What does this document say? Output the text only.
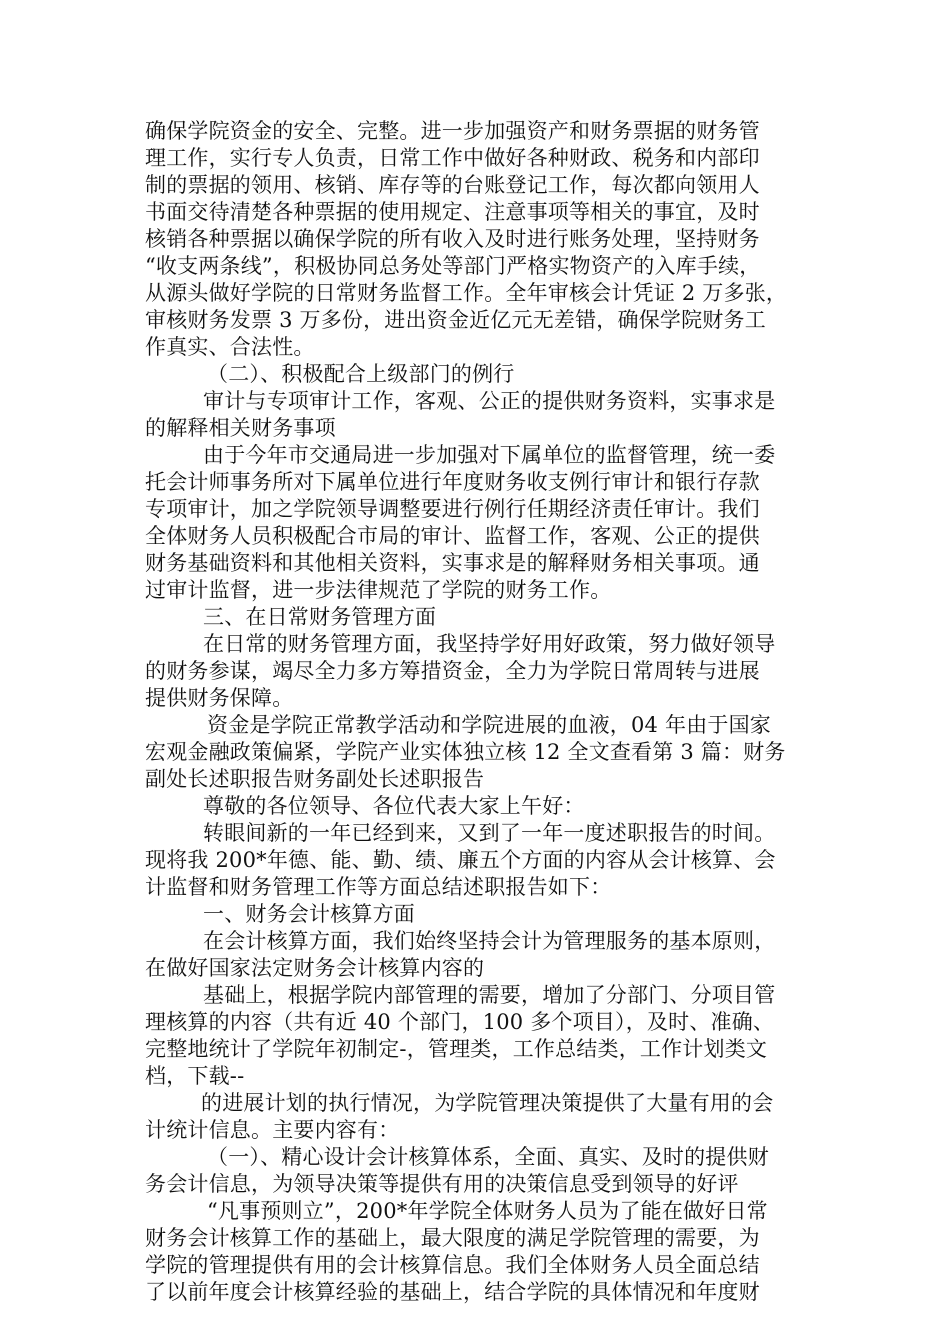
确保学院资金的安全、完整。进一步加强资产和财务票据的财务管
理工作，实行专人负责，日常工作中做好各种财政、税务和内部印
制的票据的领用、核销、库存等的台账登记工作，每次都向领用人
书面交待清楚各种票据的使用规定、注意事项等相关的事宜，及时
核销各种票据以确保学院的所有收入及时进行账务处理，坚持财务
“收支两条线”，积极协同总务处等部门严格实物资产的入库手续，
从源头做好学院的日常财务监督工作。全年审核会计凭证 2 万多张，
审核财务发票 3 万多份，进出资金近亿元无差错，确保学院财务工
作真实、合法性。
（二）、积极配合上级部门的例行
审计与专项审计工作，客观、公正的提供财务资料，实事求是
的解释相关财务事项
由于今年市交通局进一步加强对下属单位的监督管理，统一委
托会计师事务所对下属单位进行年度财务收支例行审计和银行存款
专项审计，加之学院领导调整要进行例行任期经济责任审计。我们
全体财务人员积极配合市局的审计、监督工作，客观、公正的提供
财务基础资料和其他相关资料，实事求是的解释财务相关事项。通
过审计监督，进一步法律规范了学院的财务工作。
三、在日常财务管理方面
在日常的财务管理方面，我坚持学好用好政策，努力做好领导
的财务参谋，竭尽全力多方筹措资金，全力为学院日常周转与进展
提供财务保障。
资金是学院正常教学活动和学院进展的血液，04 年由于国家
宏观金融政策偏紧，学院产业实体独立核 12 全文查看第 3 篇：财务
副处长述职报告财务副处长述职报告
尊敬的各位领导、各位代表大家上午好：
转眼间新的一年已经到来，又到了一年一度述职报告的时间。
现将我 200*年德、能、勤、绩、廉五个方面的内容从会计核算、会
计监督和财务管理工作等方面总结述职报告如下：
一、财务会计核算方面
在会计核算方面，我们始终坚持会计为管理服务的基本原则，
在做好国家法定财务会计核算内容的
基础上，根据学院内部管理的需要，增加了分部门、分项目管
理核算的内容（共有近 40 个部门，100 多个项目），及时、准确、
完整地统计了学院年初制定-，管理类，工作总结类，工作计划类文
档，下载--
的进展计划的执行情况，为学院管理决策提供了大量有用的会
计统计信息。主要内容有：
（一）、精心设计会计核算体系，全面、真实、及时的提供财
务会计信息，为领导决策等提供有用的决策信息受到领导的好评
“凡事预则立”，200*年学院全体财务人员为了能在做好日常
财务会计核算工作的基础上，最大限度的满足学院管理的需要，为
学院的管理提供有用的会计核算信息。我们全体财务人员全面总结
了以前年度会计核算经验的基础上，结合学院的具体情况和年度财
